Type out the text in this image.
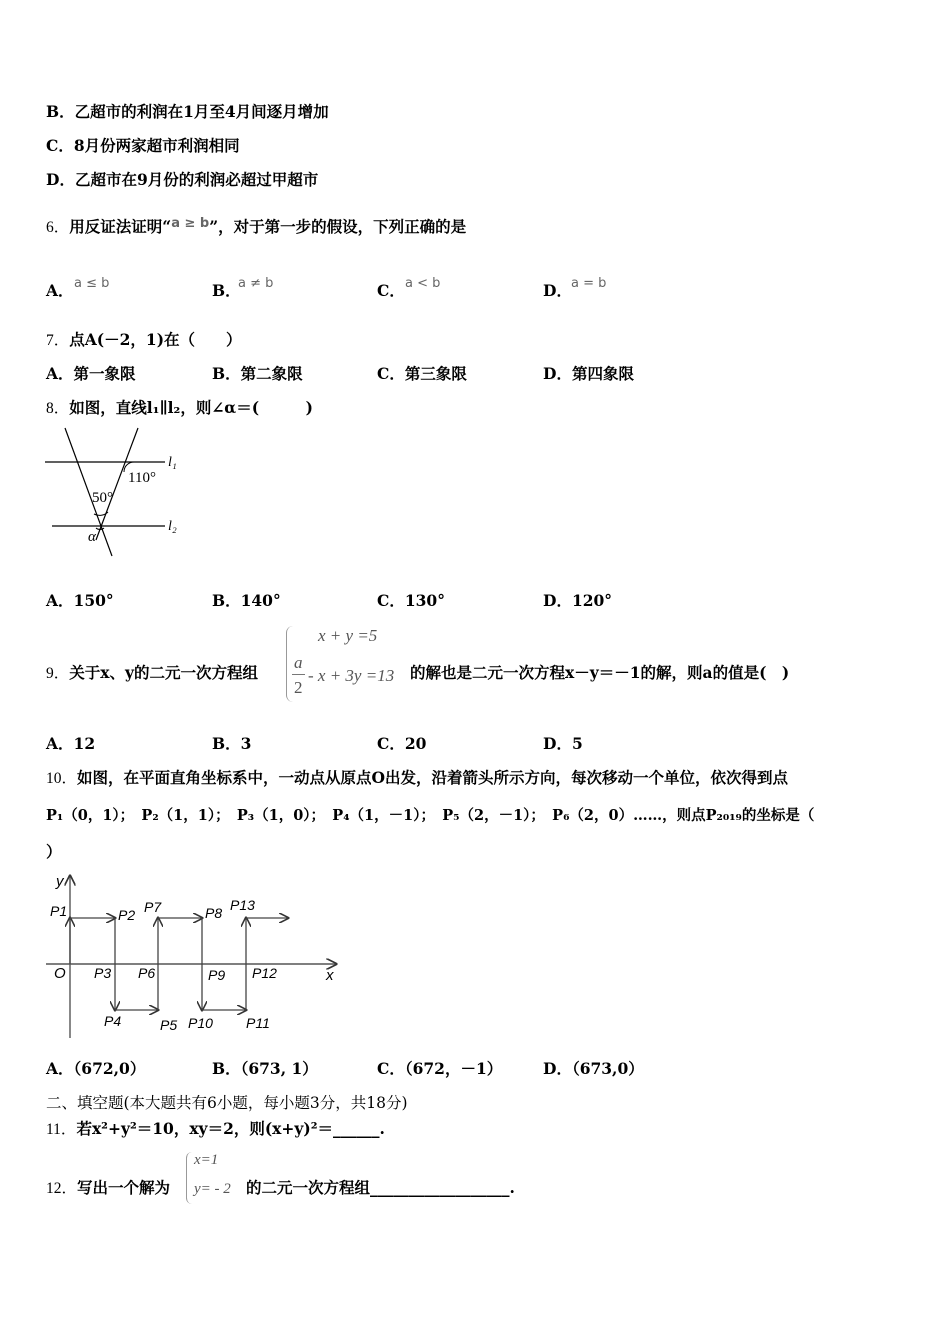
B．乙超市的利润在1月至4月间逐月增加
C．8月份两家超市利润相同
D．乙超市在9月份的利润必超过甲超市
6．用反证法证明“$^{a \ge b}$”，对于第一步的假设，下列正确的是
A． a ≤ b	B．
a ≠ b	C． a < b	D． a = b
7．点A(－2，1)在（　　）
A．第一象限	B．第二象限	C．第三象限	D．第四象限
8．如图，直线l₁∥l₂，则∠α＝(　　　)
l₁
l₂
110°
50°
α
A．150°	B．140°	C．130°	D．120°
9．关于x、y的二元一次方程组
x + y =5
a
2
- x + 3y =13 的解也是二元一次方程x－y＝－1的解，则a的值是(　)
A．12	B．3	C．20	D．5
10．如图，在平面直角坐标系中，一动点从原点O出发，沿着箭头所示方向，每次移动一个单位，依次得到点
P₁（0，1）；　P₂（1，1）；　P₃（1，0）；　P₄（1，－1）；　P₅（2，－1）；　P₆（2，0）……，则点P₂₀₁₉的坐标是（
）
y
x
O
P1	P2
P3
P4	P5
P6
P7	P8
P9
P10 P11
P12
P13
A．（672,0）	B．（673, 1）	C．（672，－1）	D．（673,0）
二、填空题(本大题共有6小题，每小题3分，共18分)
11．若x²+y²＝10，xy＝2，则(x+y)²＝______.
12．写出一个解为
x=1
y= - 2 的二元一次方程组__________________.
